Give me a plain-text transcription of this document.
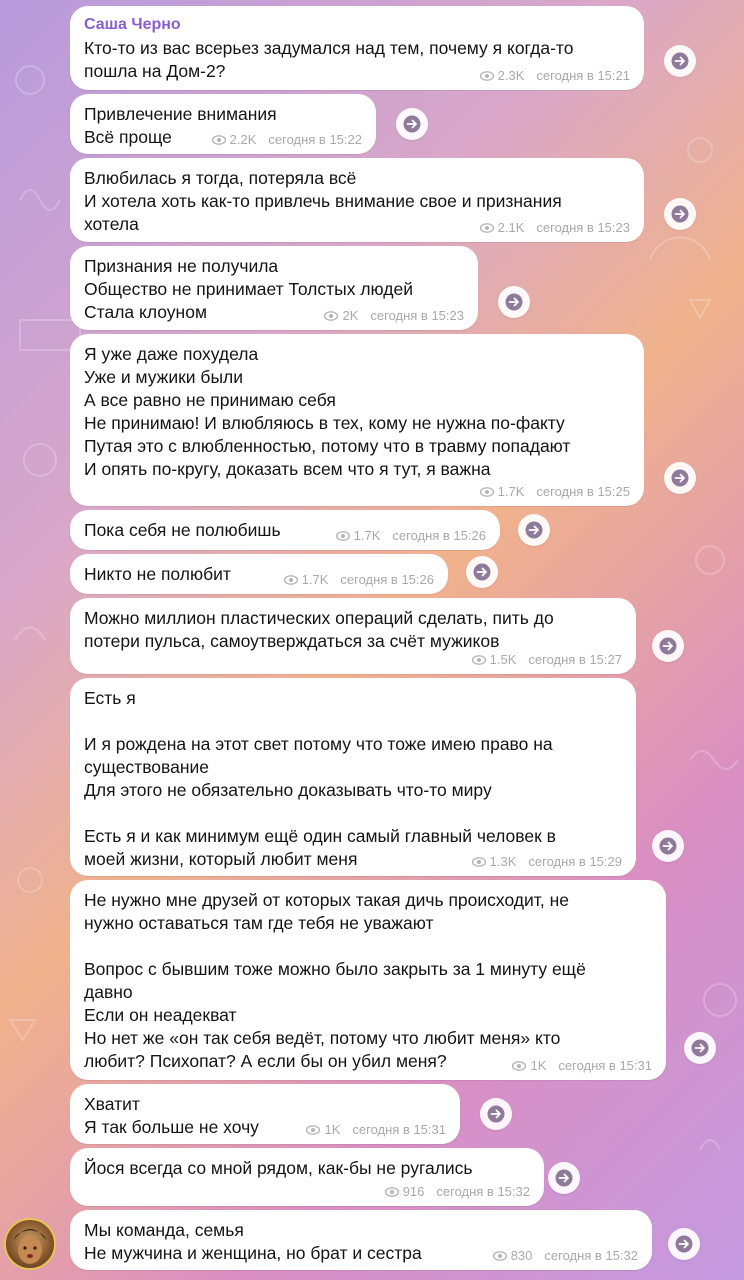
Саша Черно
Кто-то из вас всерьез задумался над тем, почему я когда-то
пошла на Дом-2?	2.3K сегодня в 15:21
Привлечение внимания
Всё проще	2.2K сегодня в 15:22
Влюбилась я тогда, потеряла всё
И хотела хоть как-то привлечь внимание свое и признания
хотела	2.1K сегодня в 15:23
Признания не получила
Общество не принимает Толстых людей
Стала клоуном	2K сегодня в 15:23
Я уже даже похудела
Уже и мужики были
А все равно не принимаю себя
Не принимаю! И влюбляюсь в тех, кому не нужна по-факту
Путая это с влюбленностью, потому что в травму попадают
И опять по-кругу, доказать всем что я тут, я важна
1.7K сегодня в 15:25
Пока себя не полюбишь	1.7K сегодня в 15:26
Никто не полюбит	1.7K сегодня в 15:26
Можно миллион пластических операций сделать, пить до
потери пульса, самоутверждаться за счёт мужиков
1.5K сегодня в 15:27
Есть я

И я рождена на этот свет потому что тоже имею право на
существование
Для этого не обязательно доказывать что-то миру

Есть я и как минимум ещё один самый главный человек в
моей жизни, который любит меня	1.3K сегодня в 15:29
Не нужно мне друзей от которых такая дичь происходит, не
нужно оставаться там где тебя не уважают

Вопрос с бывшим тоже можно было закрыть за 1 минуту ещё
давно
Если он неадекват
Но нет же «он так себя ведёт, потому что любит меня» кто
любит? Психопат? А если бы он убил меня?	1K сегодня в 15:31
Хватит
Я так больше не хочу	1K сегодня в 15:31
Йося всегда со мной рядом, как-бы не ругались
916 сегодня в 15:32
Мы команда, семья
Не мужчина и женщина, но брат и сестра	830 сегодня в 15:32
